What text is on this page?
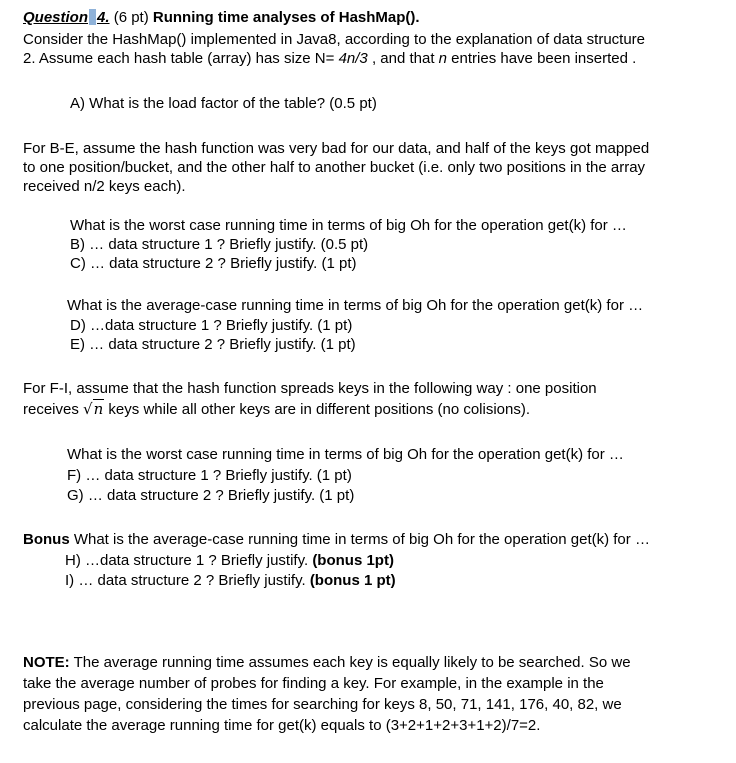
Question 4. (6 pt) Running time analyses of HashMap().
Consider the HashMap() implemented in Java8, according to the explanation of data structure
2. Assume each hash table (array) has size N= 4n/3 , and that n entries have been inserted .
A) What is the load factor of the table? (0.5 pt)
For B-E, assume the hash function was very bad for our data, and half of the keys got mapped
to one position/bucket, and the other half to another bucket (i.e. only two positions in the array
received n/2 keys each).
What is the worst case running time in terms of big Oh for the operation get(k) for …
B) … data structure 1 ? Briefly justify. (0.5 pt)
C) … data structure 2 ? Briefly justify. (1 pt)
What is the average-case running time in terms of big Oh for the operation get(k) for …
D) …data structure 1 ? Briefly justify. (1 pt)
E) … data structure 2 ? Briefly justify. (1 pt)
For F-I, assume that the hash function spreads keys in the following way : one position
receives √n keys while all other keys are in different positions (no colisions).
What is the worst case running time in terms of big Oh for the operation get(k) for …
F) … data structure 1 ? Briefly justify. (1 pt)
G) … data structure 2 ? Briefly justify. (1 pt)
Bonus What is the average-case running time in terms of big Oh for the operation get(k) for …
H) …data structure 1 ? Briefly justify. (bonus 1pt)
I) … data structure 2 ? Briefly justify. (bonus 1 pt)
NOTE: The average running time assumes each key is equally likely to be searched. So we
take the average number of probes for finding a key. For example, in the example in the
previous page, considering the times for searching for keys 8, 50, 71, 141, 176, 40, 82, we
calculate the average running time for get(k) equals to (3+2+1+2+3+1+2)/7=2.
